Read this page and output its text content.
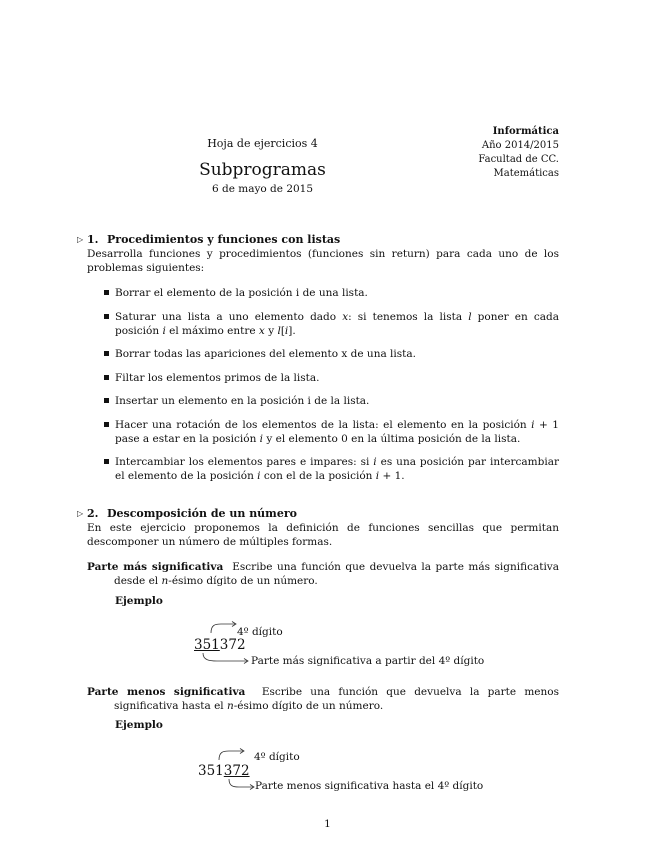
Hoja de ejercicios 4
Subprogramas
6 de mayo de 2015
Informática
Año 2014/2015
Facultad de CC.
Matemáticas
▷ 1. Procedimientos y funciones con listas
Desarrolla funciones y procedimientos (funciones sin return) para cada uno de los problemas siguientes:
Borrar el elemento de la posición i de una lista.
Saturar una lista a uno elemento dado 𝑥: si tenemos la lista 𝑙 poner en cada posición 𝑖 el máximo entre 𝑥 y 𝑙[𝑖].
Borrar todas las apariciones del elemento x de una lista.
Filtar los elementos primos de la lista.
Insertar un elemento en la posición i de la lista.
Hacer una rotación de los elementos de la lista: el elemento en la posición 𝑖 + 1 pase a estar en la posición 𝑖 y el elemento 0 en la última posición de la lista.
Intercambiar los elementos pares e impares: si 𝑖 es una posición par intercambiar el elemento de la posición 𝑖 con el de la posición 𝑖 + 1.
▷ 2. Descomposición de un número
En este ejercicio proponemos la definición de funciones sencillas que permitan descomponer un número de múltiples formas.
Parte más significativa Escribe una función que devuelva la parte más significativa desde el 𝑛-ésimo dígito de un número.
Ejemplo
351372
4º dígito
Parte más significativa a partir del 4º dígito
Parte menos significativa Escribe una función que devuelva la parte menos significativa hasta el 𝑛-ésimo dígito de un número.
Ejemplo
351372
4º dígito
Parte menos significativa hasta el 4º dígito
1
